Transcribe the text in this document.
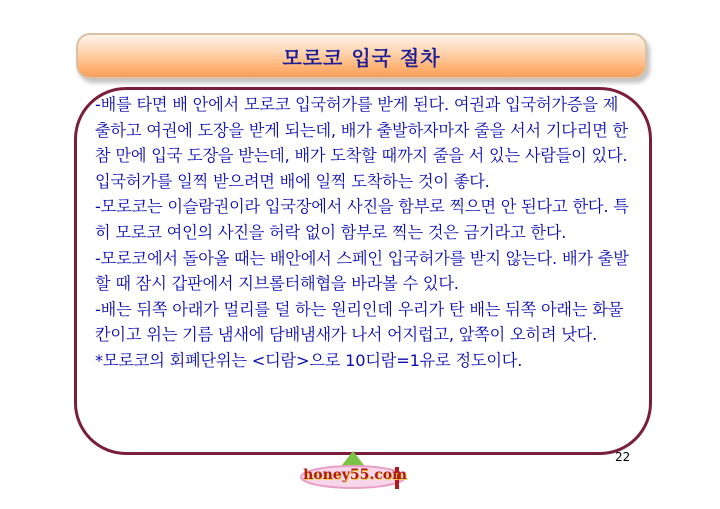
모로코 입국 절차

-배를 타면 배 안에서 모로코 입국허가를 받게 된다. 여권과 입국허가증을 제출하고 여권에 도장을 받게 되는데, 배가 출발하자마자 줄을 서서 기다리면 한참 만에 입국 도장을 받는데, 배가 도착할 때까지 줄을 서 있는 사람들이 있다. 입국허가를 일찍 받으려면 배에 일찍 도착하는 것이 좋다.

-모로코는 이슬람권이라 입국장에서 사진을 함부로 찍으면 안 된다고 한다. 특히 모로코 여인의 사진을 허락 없이 함부로 찍는 것은 금기라고 한다.

-모로코에서 돌아올 때는 배안에서 스페인 입국허가를 받지 않는다. 배가 출발할 때 잠시 갑판에서 지브롤터해협을 바라볼 수 있다.

-배는 뒤쪽 아래가 멀리를 덜 하는 원리인데 우리가 탄 배는 뒤쪽 아래는 화물칸이고 위는 기름 냄새에 담배냄새가 나서 어지럽고, 앞쪽이 오히려 낫다.

*모로코의 회폐단위는 <디람>으로 10디람=1유로 정도이다.

22
honey55.com
